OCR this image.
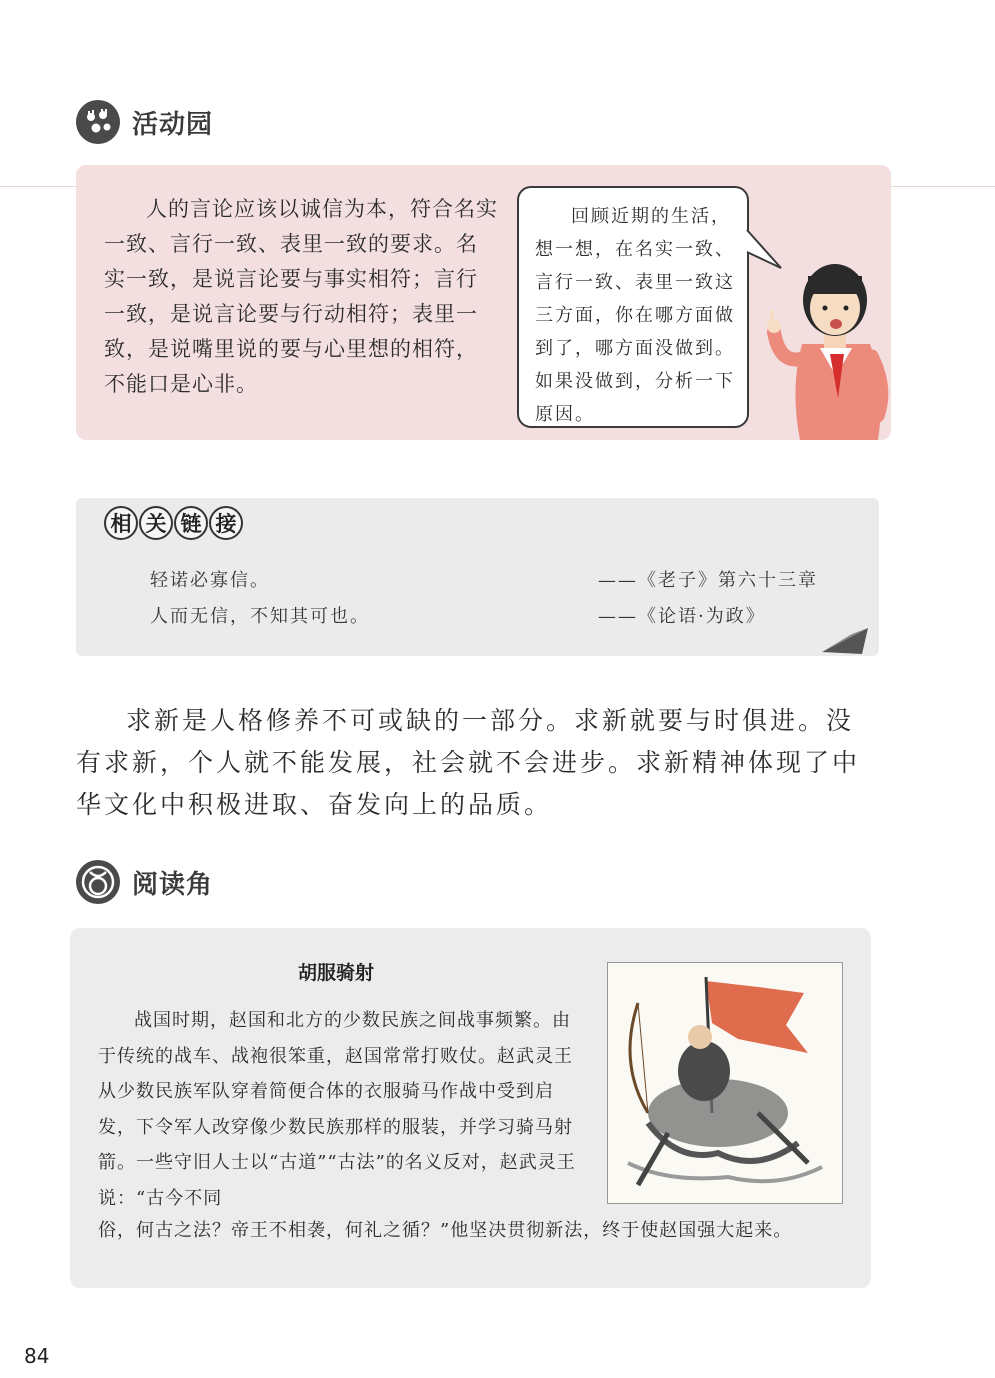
活动园
人的言论应该以诚信为本，符合名实一致、言行一致、表里一致的要求。名实一致，是说言论要与事实相符；言行一致，是说言论要与行动相符；表里一致，是说嘴里说的要与心里想的相符，不能口是心非。
回顾近期的生活，想一想，在名实一致、言行一致、表里一致这三方面，你在哪方面做到了，哪方面没做到。如果没做到，分析一下原因。
相 关 链 接
轻诺必寡信。	——《老子》第六十三章
人而无信，不知其可也。	——《论语·为政》
求新是人格修养不可或缺的一部分。求新就要与时俱进。没有求新，个人就不能发展，社会就不会进步。求新精神体现了中华文化中积极进取、奋发向上的品质。
阅读角
胡服骑射
战国时期，赵国和北方的少数民族之间战事频繁。由于传统的战车、战袍很笨重，赵国常常打败仗。赵武灵王从少数民族军队穿着简便合体的衣服骑马作战中受到启发，下令军人改穿像少数民族那样的服装，并学习骑马射箭。一些守旧人士以“古道”“古法”的名义反对，赵武灵王说：“古今不同
俗，何古之法？帝王不相袭，何礼之循？”他坚决贯彻新法，终于使赵国强大起来。
84
